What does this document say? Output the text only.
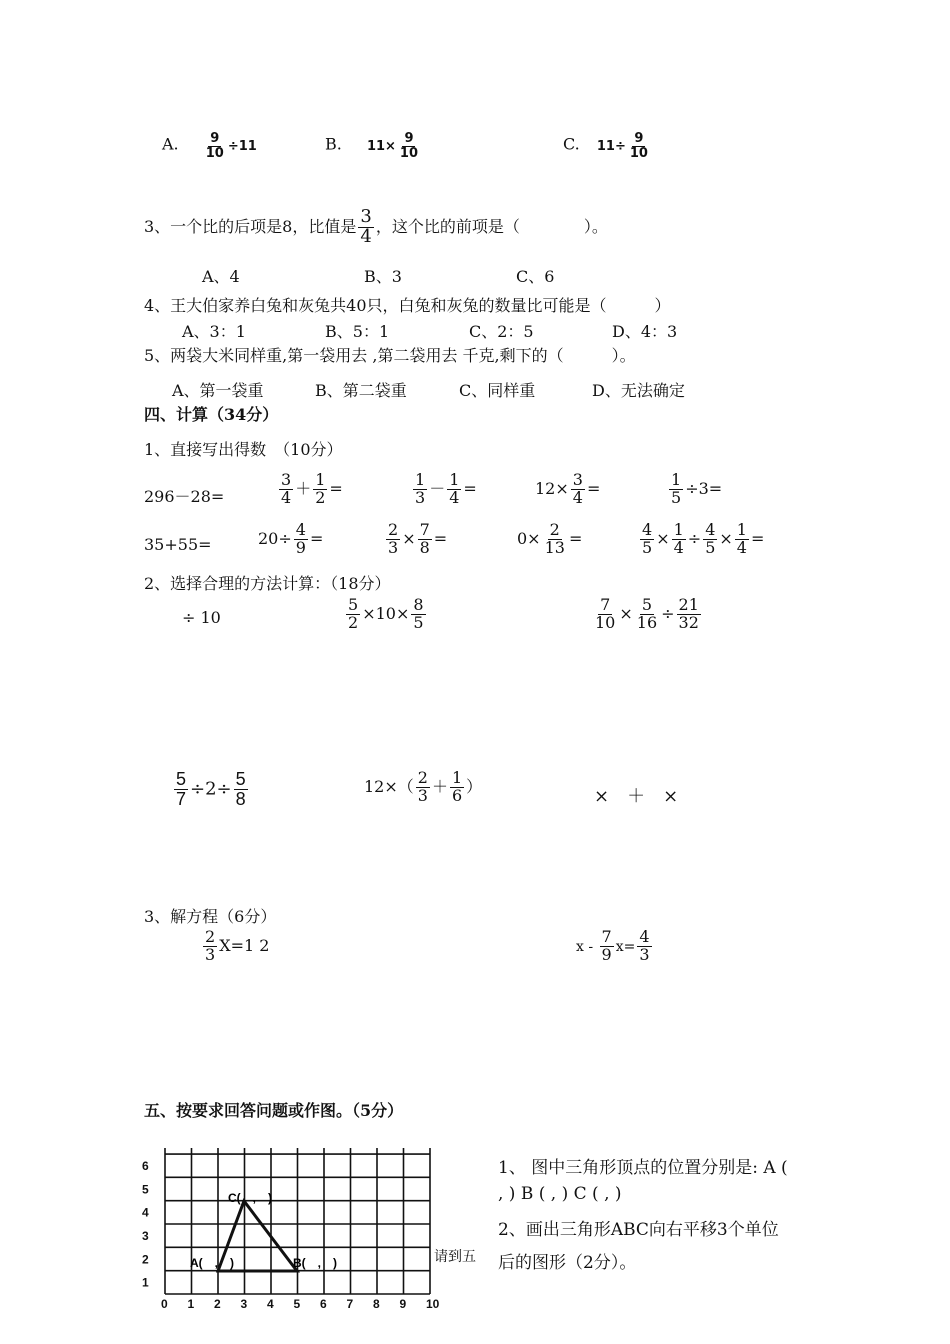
A. $\frac{9}{10} \div 11$	B. $11\times \frac{9}{10}$	C. $11\div \frac{9}{10}$
3、一个比的后项是8，比值是 $\frac{3}{4}$ ，这个比的前项是（　　　　）。
A、4	B、3	C、6
4、王大伯家养白兔和灰兔共40只，白兔和灰兔的数量比可能是（　　　）
A、3：1	B、5：1	C、2：5	D、4：3
5、两袋大米同样重,第一袋用去 ,第二袋用去 千克,剩下的（　　　）。
A、第一袋重	B、第二袋重	C、同样重	D、无法确定
四、计算（34分）
1、直接写出得数　（10分）
296－28=	$\frac{3}{4} + \frac{1}{2}$ =	$\frac{1}{3} - \frac{1}{4}$ =	$12\times \frac{3}{4}$ =	$\frac{1}{5} \div 3=$
35+55=	$20\div \frac{4}{9}$ =	$\frac{2}{3} \times \frac{7}{8}$ =	$0\times \frac{2}{13}$ =	$\frac{4}{5} \times \frac{1}{4} \div \frac{4}{5} \times \frac{1}{4}$ =
2、选择合理的方法计算：（18分）
÷ 10	$\frac{5}{2} \times 10\times \frac{8}{5}$	$\frac{7}{10} \times \frac{5}{16} \div \frac{21}{32}$
$\frac{5}{7} \div 2\div \frac{5}{8}$	$12\times( \frac{2}{3} + \frac{1}{6}$ ）	×　＋　×
3、解方程（6分）
$\frac{2}{3} X=1$ 2	$x - \frac{7}{9} x= \frac{4}{3}$
五、按要求回答问题或作图。（5分）
0 1 2 3 4 5 6 7 8 9 10
1
2
3
4
5
6
A(　,　)	B(　,　)
C(　,　)
请到五
1、 图中三角形顶点的位置分别是: A (
, ) B ( , ) C ( , )
2、画出三角形ABC向右平移3个单位
后的图形（2分）。
